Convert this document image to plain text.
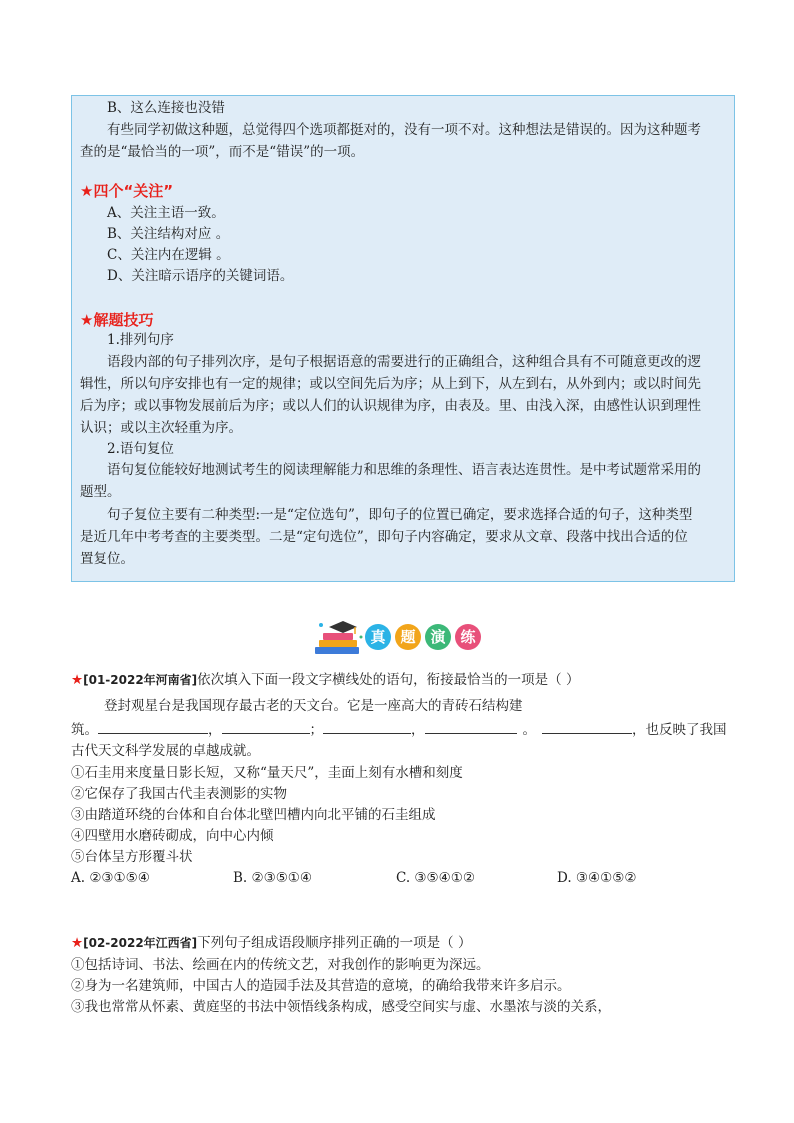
B、这么连接也没错
有些同学初做这种题，总觉得四个选项都挺对的，没有一项不对。这种想法是错误的。因为这种题考
查的是“最恰当的一项”，而不是“错误”的一项。
★四个“关注”
A、关注主语一致。
B、关注结构对应 。
C、关注内在逻辑 。
D、关注暗示语序的关键词语。
★解题技巧
1.排列句序
语段内部的句子排列次序，是句子根据语意的需要进行的正确组合，这种组合具有不可随意更改的逻
辑性，所以句序安排也有一定的规律；或以空间先后为序；从上到下，从左到右，从外到内；或以时间先
后为序；或以事物发展前后为序；或以人们的认识规律为序，由表及。里、由浅入深，由感性认识到理性
认识；或以主次轻重为序。
2.语句复位
语句复位能较好地测试考生的阅读理解能力和思维的条理性、语言表达连贯性。是中考试题常采用的
题型。
句子复位主要有二种类型:一是“定位选句”，即句子的位置已确定，要求选择合适的句子，这种类型
是近几年中考考查的主要类型。二是“定句选位”，即句子内容确定，要求从文章、段落中找出合适的位
置复位。
真 题 演 练
★[01-2022年河南省]依次填入下面一段文字横线处的语句，衔接最恰当的一项是（ ）
登封观星台是我国现存最古老的天文台。它是一座高大的青砖石结构建
筑。	，	；	，	。	，也反映了我国
古代天文科学发展的卓越成就。
①石圭用来度量日影长短，又称“量天尺”，圭面上刻有水槽和刻度
②它保存了我国古代圭表测影的实物
③由踏道环绕的台体和自台体北壁凹槽内向北平铺的石圭组成
④四壁用水磨砖砌成，向中心内倾
⑤台体呈方形覆斗状
A. ②③①⑤④	B. ②③⑤①④	C. ③⑤④①②	D. ③④①⑤②
★[02-2022年江西省]下列句子组成语段顺序排列正确的一项是（ ）
①包括诗词、书法、绘画在内的传统文艺，对我创作的影响更为深远。
②身为一名建筑师，中国古人的造园手法及其营造的意境，的确给我带来许多启示。
③我也常常从怀素、黄庭坚的书法中领悟线条构成，感受空间实与虚、水墨浓与淡的关系，
